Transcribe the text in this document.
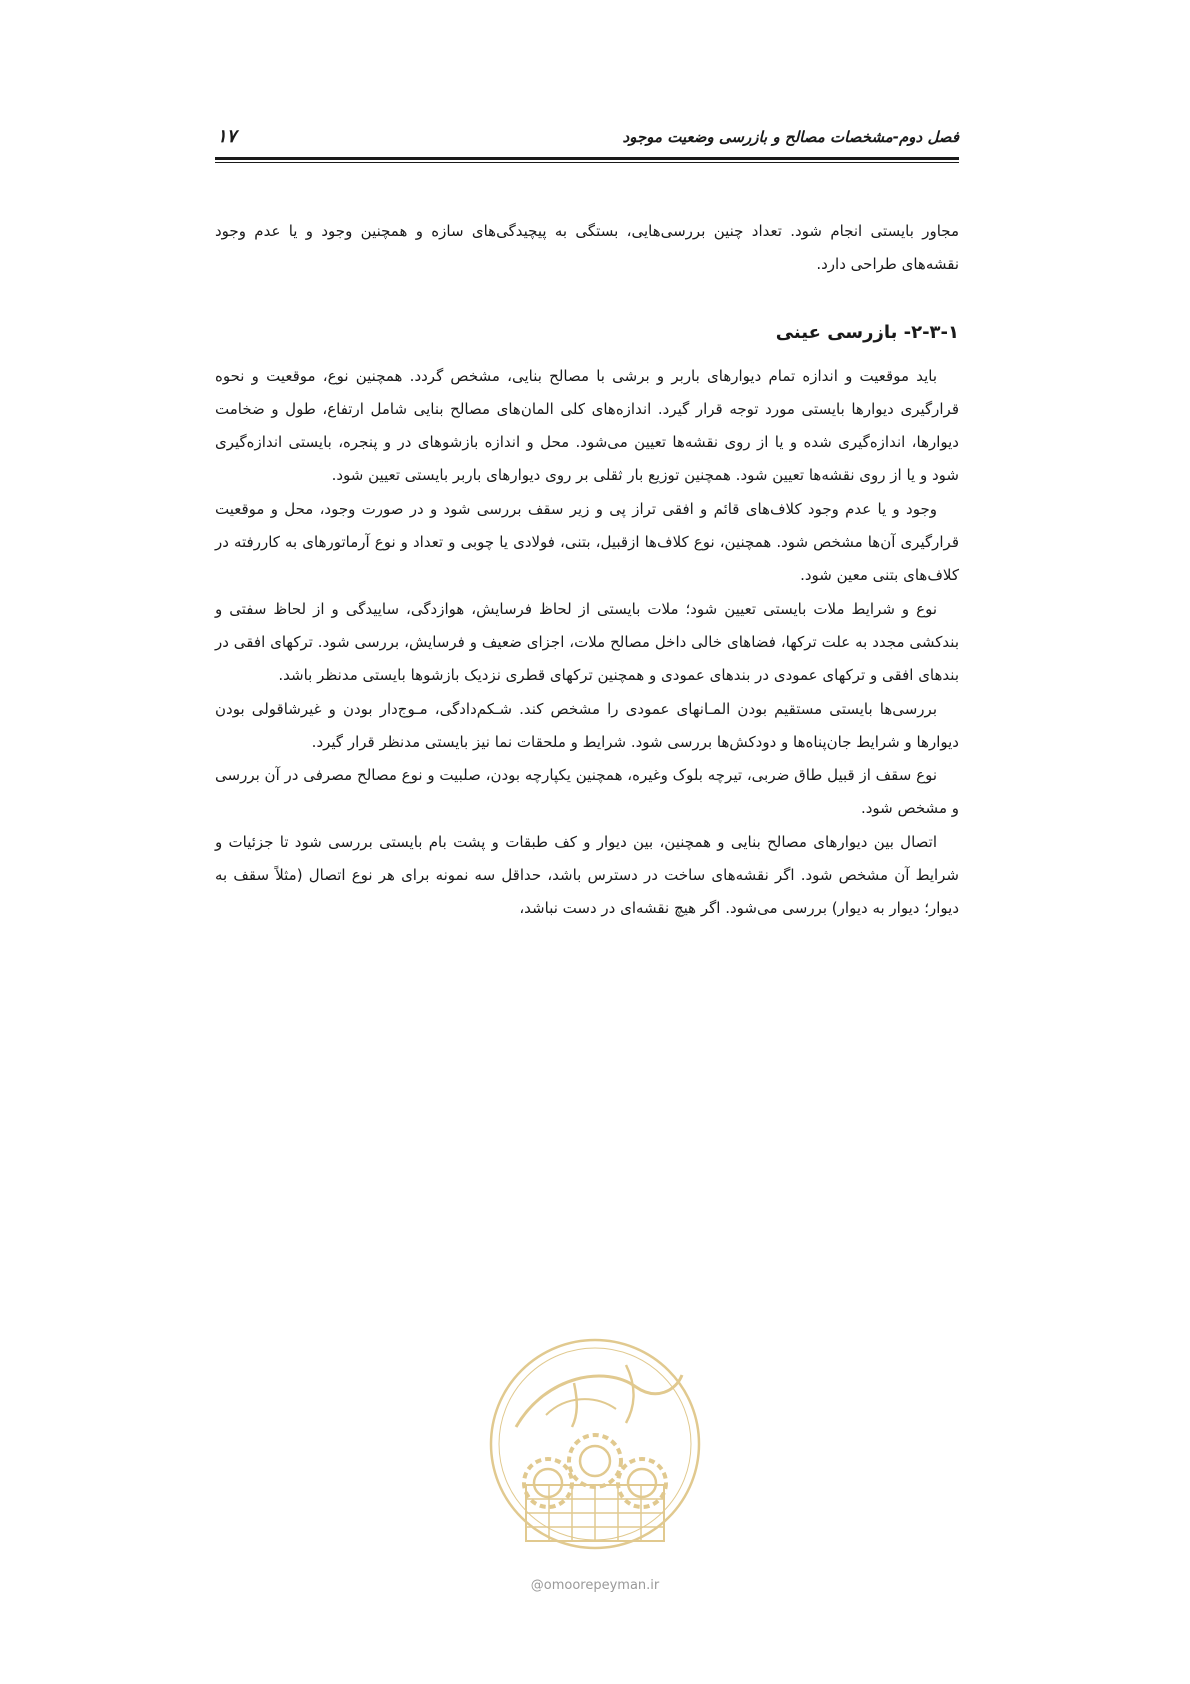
فصل دوم-مشخصات مصالح و بازرسی وضعیت موجود
۱۷

مجاور بایستی انجام شود. تعداد چنین بررسی‌هایی، بستگی به پیچیدگی‌های سازه و همچنین وجود و یا عدم وجود نقشه‌های طراحی دارد.

۲-۳-۱- بازرسی عینی

باید موقعیت و اندازه تمام دیوارهای باربر و برشی با مصالح بنایی، مشخص گردد. همچنین نوع، موقعیت و نحوه قرارگیری دیوارها بایستی مورد توجه قرار گیرد. اندازه‌های کلی المان‌های مصالح بنایی شامل ارتفاع، طول و ضخامت دیوارها، اندازه‌گیری شده و یا از روی نقشه‌ها تعیین می‌شود. محل و اندازه بازشوهای در و پنجره، بایستی اندازه‌گیری شود و یا از روی نقشه‌ها تعیین شود. همچنین توزیع بار ثقلی بر روی دیوارهای باربر بایستی تعیین شود.

وجود و یا عدم وجود کلاف‌های قائم و افقی تراز پی و زیر سقف بررسی شود و در صورت وجود، محل و موقعیت قرارگیری آن‌ها مشخص شود. همچنین، نوع کلاف‌ها ازقبیل، بتنی، فولادی یا چوبی و تعداد و نوع آرماتورهای به کاررفته در کلاف‌های بتنی معین شود.

نوع و شرایط ملات بایستی تعیین شود؛ ملات بایستی از لحاظ فرسایش، هوازدگی، ساییدگی و از لحاظ سفتی و بندکشی مجدد به علت ترکها، فضاهای خالی داخل مصالح ملات، اجزای ضعیف و فرسایش، بررسی شود. ترکهای افقی در بندهای افقی و ترکهای عمودی در بندهای عمودی و همچنین ترکهای قطری نزدیک بازشوها بایستی مدنظر باشد.

بررسی‌ها بایستی مستقیم بودن المـانهای عمودی را مشخص کند. شـکم‌دادگی، مـوج‌دار بودن و غیرشاقولی بودن دیوارها و شرایط جان‌پناه‌ها و دودکش‌ها بررسی شود. شرایط و ملحقات نما نیز بایستی مدنظر قرار گیرد.

نوع سقف از قبیل طاق ضربی، تیرچه بلوک وغیره، همچنین یکپارچه بودن، صلبیت و نوع مصالح مصرفی در آن بررسی و مشخص شود.

اتصال بین دیوارهای مصالح بنایی و همچنین، بین دیوار و کف طبقات و پشت بام بایستی بررسی شود تا جزئیات و شرایط آن مشخص شود. اگر نقشه‌های ساخت در دسترس باشد، حداقل سه نمونه برای هر نوع اتصال (مثلاً سقف به دیوار؛ دیوار به دیوار) بررسی می‌شود. اگر هیچ نقشه‌ای در دست نباشد،

@omoorepeyman.ir
